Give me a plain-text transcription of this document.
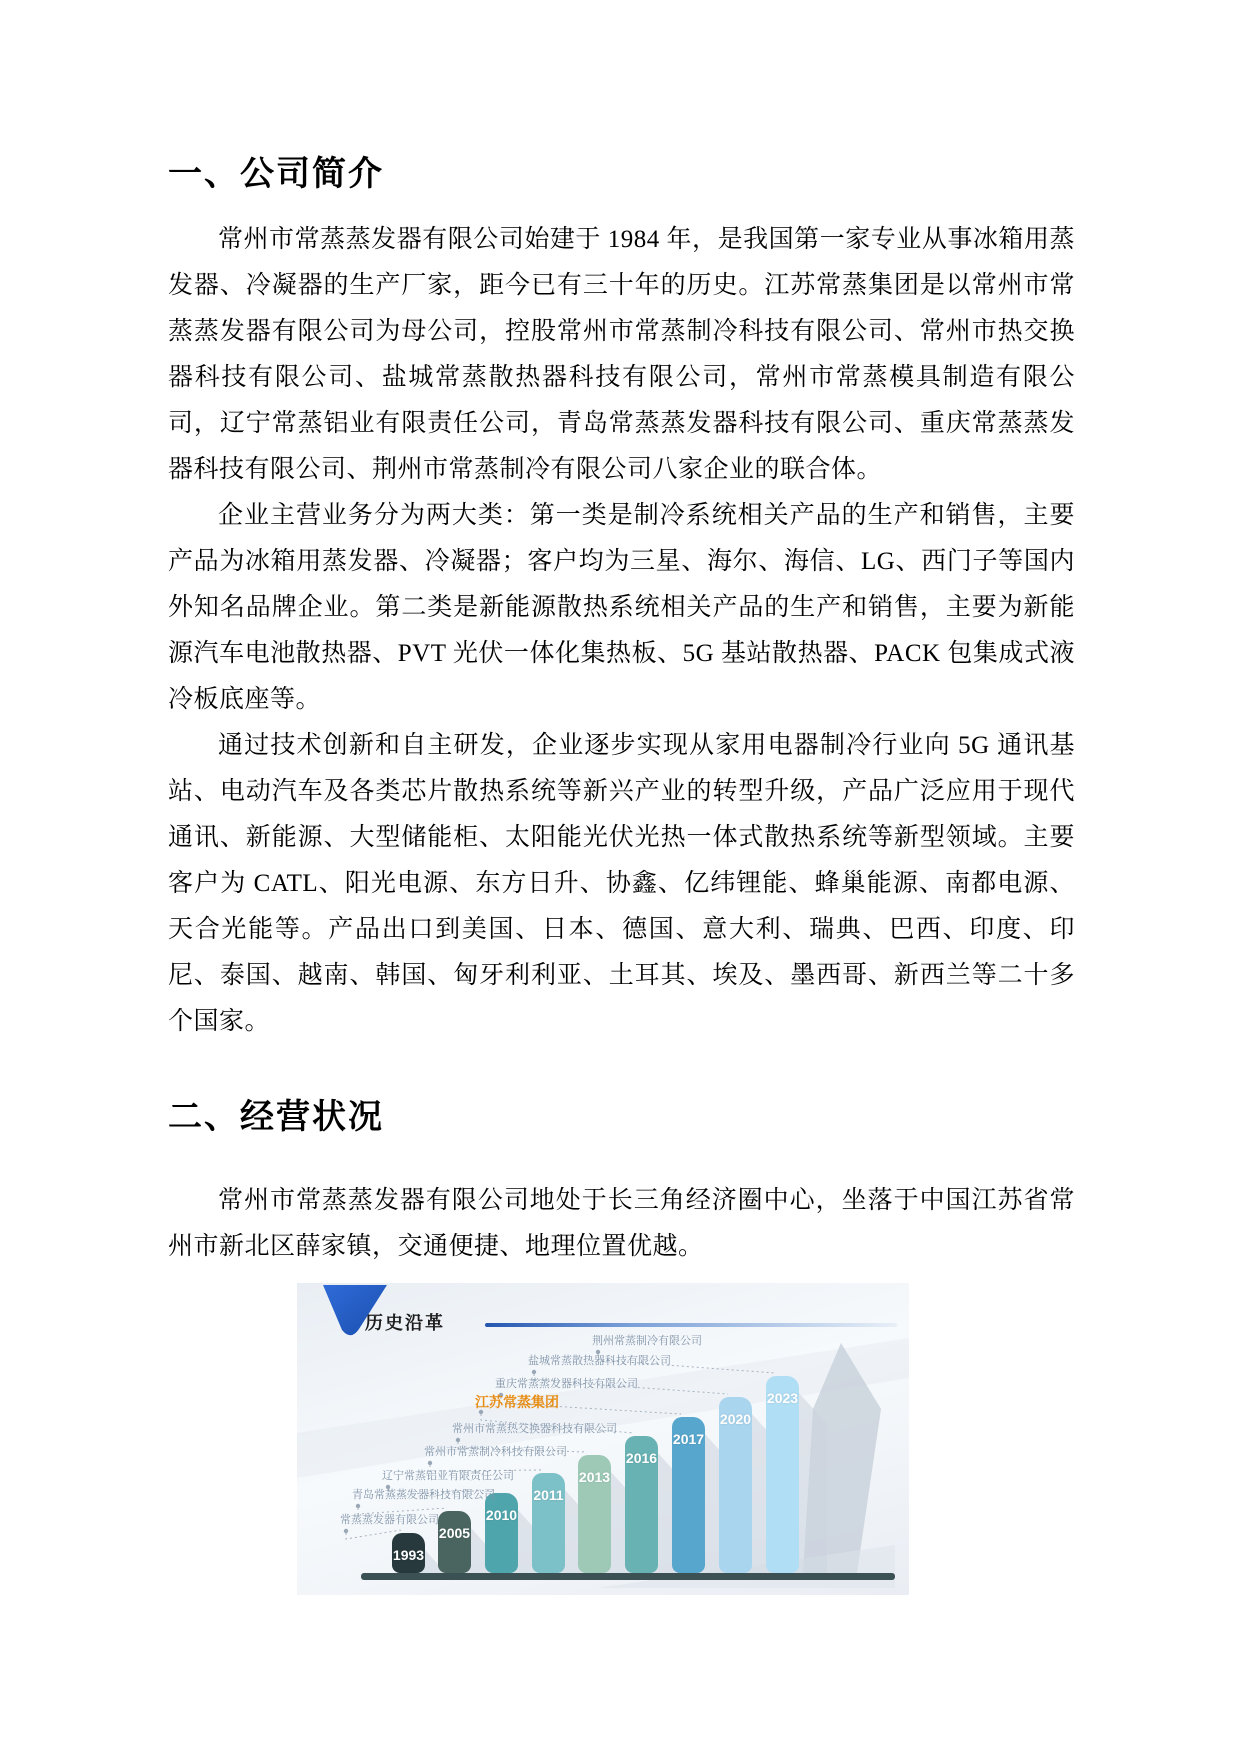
一、公司简介

常州市常蒸蒸发器有限公司始建于 1984 年，是我国第一家专业从事冰箱用蒸发器、冷凝器的生产厂家，距今已有三十年的历史。江苏常蒸集团是以常州市常蒸蒸发器有限公司为母公司，控股常州市常蒸制冷科技有限公司、常州市热交换器科技有限公司、盐城常蒸散热器科技有限公司，常州市常蒸模具制造有限公司，辽宁常蒸铝业有限责任公司，青岛常蒸蒸发器科技有限公司、重庆常蒸蒸发器科技有限公司、荆州市常蒸制冷有限公司八家企业的联合体。

企业主营业务分为两大类：第一类是制冷系统相关产品的生产和销售，主要产品为冰箱用蒸发器、冷凝器；客户均为三星、海尔、海信、LG、西门子等国内外知名品牌企业。第二类是新能源散热系统相关产品的生产和销售，主要为新能源汽车电池散热器、PVT 光伏一体化集热板、5G 基站散热器、PACK 包集成式液冷板底座等。

通过技术创新和自主研发，企业逐步实现从家用电器制冷行业向 5G 通讯基站、电动汽车及各类芯片散热系统等新兴产业的转型升级，产品广泛应用于现代通讯、新能源、大型储能柜、太阳能光伏光热一体式散热系统等新型领域。主要客户为 CATL、阳光电源、东方日升、协鑫、亿纬锂能、蜂巢能源、南都电源、天合光能等。产品出口到美国、日本、德国、意大利、瑞典、巴西、印度、印尼、泰国、越南、韩国、匈牙利利亚、土耳其、埃及、墨西哥、新西兰等二十多个国家。

二、经营状况

常州市常蒸蒸发器有限公司地处于长三角经济圈中心，坐落于中国江苏省常州市新北区薛家镇，交通便捷、地理位置优越。

历史沿革
1993
常蒸蒸发器有限公司
2005
青岛常蒸蒸发器科技有限公司
2010
辽宁常蒸铝业有限责任公司
2011
常州市常蒸制冷科技有限公司
2013
常州市常蒸热交换器科技有限公司
2016
江苏常蒸集团
2017
重庆常蒸蒸发器科技有限公司
2020
盐城常蒸散热器科技有限公司
2023
荆州常蒸制冷有限公司
